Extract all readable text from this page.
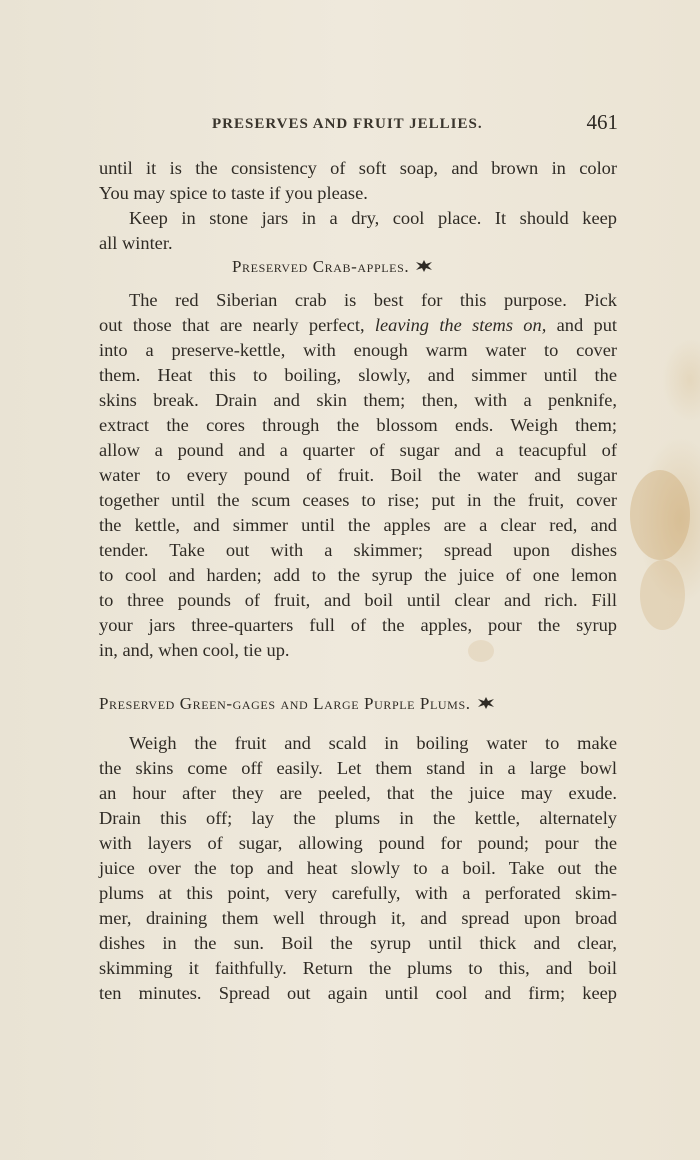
PRESERVES AND FRUIT JELLIES.	461
until it is the consistency of soft soap, and brown in color
You may spice to taste if you please.
Keep in stone jars in a dry, cool place. It should keep
all winter.
Preserved Crab-apples.
The red Siberian crab is best for this purpose. Pick
out those that are nearly perfect, leaving the stems on, and put
into a preserve-kettle, with enough warm water to cover
them. Heat this to boiling, slowly, and simmer until the
skins break. Drain and skin them; then, with a penknife,
extract the cores through the blossom ends. Weigh them;
allow a pound and a quarter of sugar and a teacupful of
water to every pound of fruit. Boil the water and sugar
together until the scum ceases to rise; put in the fruit, cover
the kettle, and simmer until the apples are a clear red, and
tender. Take out with a skimmer; spread upon dishes
to cool and harden; add to the syrup the juice of one lemon
to three pounds of fruit, and boil until clear and rich. Fill
your jars three-quarters full of the apples, pour the syrup
in, and, when cool, tie up.
Preserved Green-gages and Large Purple Plums.
Weigh the fruit and scald in boiling water to make
the skins come off easily. Let them stand in a large bowl
an hour after they are peeled, that the juice may exude.
Drain this off; lay the plums in the kettle, alternately
with layers of sugar, allowing pound for pound; pour the
juice over the top and heat slowly to a boil. Take out the
plums at this point, very carefully, with a perforated skim-
mer, draining them well through it, and spread upon broad
dishes in the sun. Boil the syrup until thick and clear,
skimming it faithfully. Return the plums to this, and boil
ten minutes. Spread out again until cool and firm; keep
